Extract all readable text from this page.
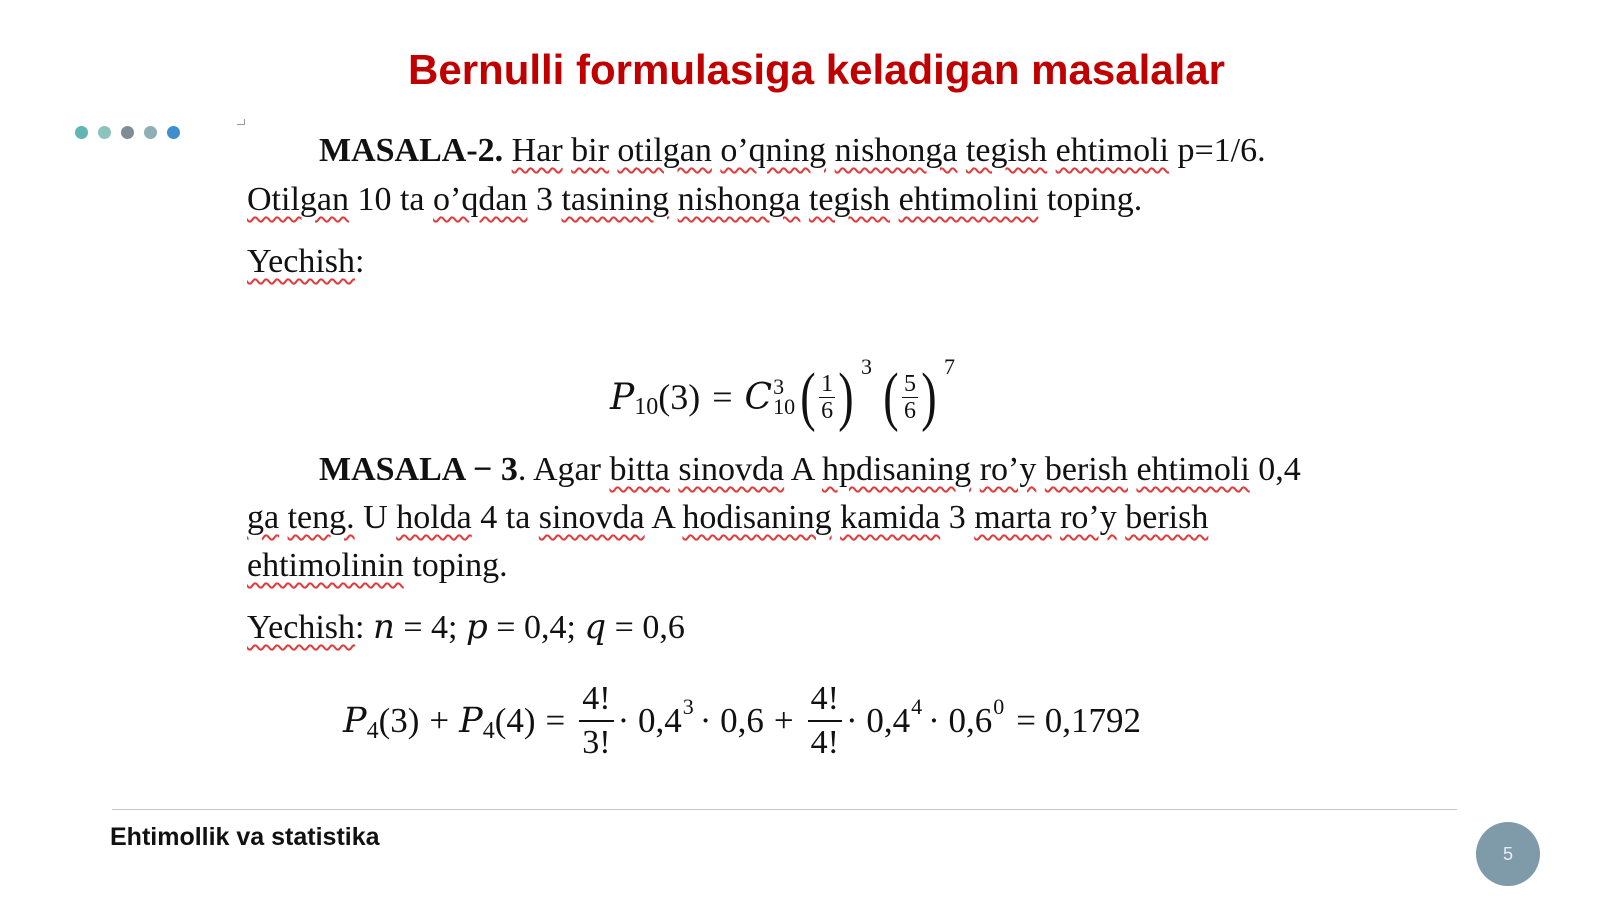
Bernulli formulasiga keladigan masalalar

MASALA-2. Har bir otilgan o’qning nishonga tegish ehtimoli p=1/6. Otilgan 10 ta o’qdan 3 tasining nishonga tegish ehtimolini toping.

Yechish:

P 10 (3) = C 3
10 ( $\frac{1}{6}$ ) 3 ( $\frac{5}{6}$ ) 7

MASALA − 3. Agar bitta sinovda A hpdisaning ro’y berish ehtimoli 0,4 ga teng. U holda 4 ta sinovda A hodisaning kamida 3 marta ro’y berish ehtimolinin toping.

Yechish: n = 4; p = 0,4; q = 0,6
P 4 (3) + P 4 $(4) = \frac{4!}{3!} \cdot 0,4$ $3 \cdot 0,6 + \frac{4!}{4!} \cdot 0,4$ 4 · 0,6 0 = 0,1792
Ehtimollik va statistika
5
